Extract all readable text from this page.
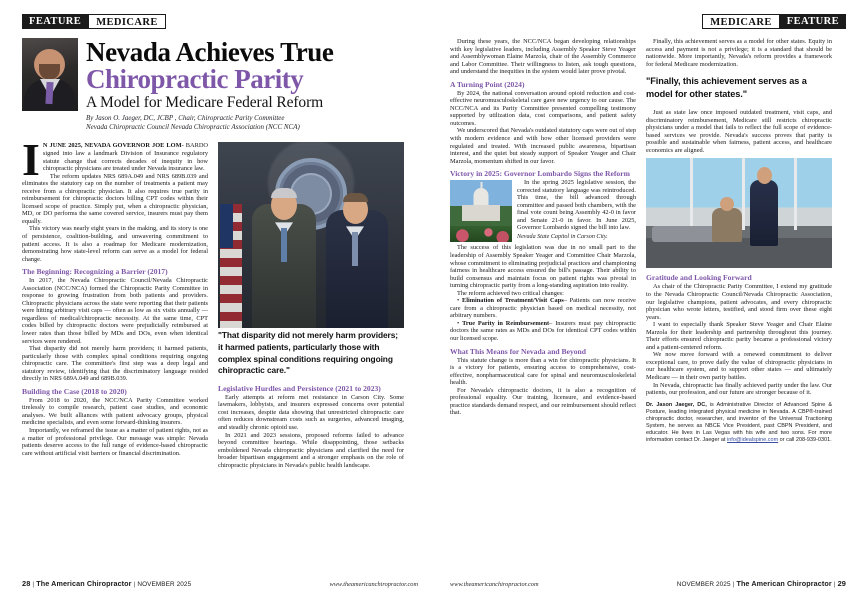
FEATURE	MEDICARE
Nevada Achieves True
Chiropractic Parity
A Model for Medicare Federal Reform
By Jason O. Jaeger, DC, JCBP , Chair, Chiropractic Parity Committee
Nevada Chiropractic Council Nevada Chiropractic Association (NCC NCA)

I N JUNE 2025, NEVADA GOVERNOR JOE LOM- BARDO signed into law a landmark Division of Insurance regulatory statute change that corrects decades of inequity in how chiropractic physicians are treated under Nevada insurance law.

The reform updates NRS 689A.049 and NRS 689B.039 and eliminates the statutory cap on the number of treatments a patient may receive from a chiropractic physician. It also requires true parity in reimbursement for chiropractic doctors billing CPT codes within their licensed scope of practice. Simply put, when a chiropractic physician, MD, or DO performs the same covered service, insurers must pay them equally.

This victory was nearly eight years in the making, and its story is one of persistence, coalition-building, and unwavering commitment to patient access. It is also a roadmap for Medicare modernization, demonstrating how state-level reform can serve as a model for federal change.

The Beginning: Recognizing a Barrier (2017)

In 2017, the Nevada Chiropractic Council/Nevada Chiropractic Association (NCC/NCA) formed the Chiropractic Parity Committee in response to growing frustration from both patients and providers. Chiropractic physicians across the state were reporting that their patients were hitting arbitrary visit caps — often as low as six visits annually — regardless of medical/chiropractic necessity. At the same time, CPT codes billed by chiropractic doctors were prejudicially reimbursed at lower rates than those billed by MDs and DOs, even when identical services were rendered.

That disparity did not merely harm providers; it harmed patients, particularly those with complex spinal conditions requiring ongoing chiropractic care. The committee's first step was a deep legal and statutory review, identifying that the discriminatory language resided directly in NRS 689A.049 and 689B.039.

Building the Case (2018 to 2020)

From 2018 to 2020, the NCC/NCA Parity Committee worked tirelessly to compile research, patient case studies, and economic analyses. We built alliances with patient advocacy groups, physical medicine specialists, and even some forward-thinking insurers.

Importantly, we reframed the issue as a matter of patient rights, not as a matter of professional privilege. Our message was simple: Nevada patients deserve access to the full range of evidence-based chiropractic care without artificial visit barriers or financial discrimination.

"That disparity did not merely harm providers; it harmed patients, particularly those with complex spinal conditions requiring ongoing chiropractic care."
Legislative Hurdles and Persistence (2021 to 2023)

Early attempts at reform met resistance in Carson City. Some lawmakers, lobbyists, and insurers expressed concerns over potential cost increases, despite data showing that unrestricted chiropractic care often reduces downstream costs such as surgeries, advanced imaging, and steadily chronic opioid use.

In 2021 and 2023 sessions, proposed reforms failed to advance beyond committee hearings. While disappointing, those setbacks emboldened Nevada chiropractic physicians and clarified the need for broader bipartisan engagement and a stronger emphasis on the role of chiropractic physicians in Nevada's public health landscape.

28 | The American Chiropractor | NOVEMBER 2025	www.theamericanchiropractor.com
MEDICARE	FEATURE

During these years, the NCC/NCA began developing relationships with key legislative leaders, including Assembly Speaker Steve Yeager and Assemblywoman Elaine Marzola, chair of the Assembly Commerce and Labor Committee. Their willingness to listen, ask tough questions, and understand the inequities in the system would later prove pivotal.

A Turning Point (2024)

By 2024, the national conversation around opioid reduction and cost-effective neuromusculoskeletal care gave new urgency to our cause. The NCC/NCA and its Parity Committee presented compelling testimony supported by utilization data, cost comparisons, and patient safety outcomes.

We underscored that Nevada's outdated statutory caps were out of step with modern evidence and with how other licensed providers were regulated and treated. With increased public awareness, bipartisan interest, and the quiet but steady support of Speaker Yeager and Chair Marzola, momentum shifted in our favor.

Victory in 2025: Governor Lombardo Signs the Reform

In the spring 2025 legislative session, the corrected statutory language was reintroduced. This time, the bill advanced through committee and passed both chambers, with the final vote count being Assembly 42-0 in favor and Senate 21-0 in favor. In June 2025, Governor Lombardo signed the bill into law.

Nevada State Capitol in Carson City.

The success of this legislation was due in no small part to the leadership of Assembly Speaker Yeager and Committee Chair Marzola, whose commitment to eliminating prejudicial practices and championing fairness in healthcare access ensured the bill's passage. Their ability to build consensus and maintain focus on patient rights was pivotal in turning chiropractic parity from a long-standing aspiration into reality.

The reform achieved two critical changes:

• Elimination of Treatment/Visit Caps– Patients can now receive care from a chiropractic physician based on medical necessity, not arbitrary numbers.

• True Parity in Reimbursement– Insurers must pay chiropractic doctors the same rates as MDs and DOs for identical CPT codes within our licensed scope.

What This Means for Nevada and Beyond

This statute change is more than a win for chiropractic physicians. It is a victory for patients, ensuring access to comprehensive, cost-effective, nonpharmaceutical care for spinal and neuromusculoskeletal health.

For Nevada's chiropractic doctors, it is also a recognition of professional equality. Our training, licensure, and evidence-based practice standards demand respect, and our reimbursement should reflect that.

Finally, this achievement serves as a model for other states. Equity in access and payment is not a privilege; it is a standard that should be nationwide. More importantly, Nevada's reform provides a framework for federal Medicare modernization.

"Finally, this achievement serves as a model for other states."

Just as state law once imposed outdated treatment, visit caps, and discriminatory reimbursement, Medicare still restricts chiropractic physicians under a model that fails to reflect the full scope of evidence-based services we provide. Nevada's success proves that parity is possible and sustainable when fairness, patient access, and healthcare economics are aligned.

Gratitude and Looking Forward

As chair of the Chiropractic Parity Committee, I extend my gratitude to the Nevada Chiropractic Council/Nevada Chiropractic Association, our legislative champions, patient advocates, and every chiropractic physician who wrote letters, testified, and stood firm over these eight years.

I want to especially thank Speaker Steve Yeager and Chair Elaine Marzola for their leadership and partnership throughout this journey. Their efforts ensured chiropractic parity became a professional victory and a patient-centered reform.

We now move forward with a renewed commitment to deliver exceptional care, to prove daily the value of chiropractic physicians in our healthcare system, and to support other states — and ultimately Medicare — in their own parity battles.

In Nevada, chiropractic has finally achieved parity under the law. Our patients, our profession, and our future are stronger because of it.

Dr. Jason Jaeger, DC, is Administrative Director of Advanced Spine & Posture, leading integrated physical medicine in Nevada. A CBP®-trained chiropractic doctor, researcher, and inventor of the Universal Tractioning System, he serves as NBCE Vice President, past CBPN President, and educator. He lives in Las Vegas with his wife and two sons. For more information contact Dr. Jaeger at info@idealspine.com or call 208-939-0301.
www.theamericanchiropractor.com	NOVEMBER 2025 | The American Chiropractor | 29
